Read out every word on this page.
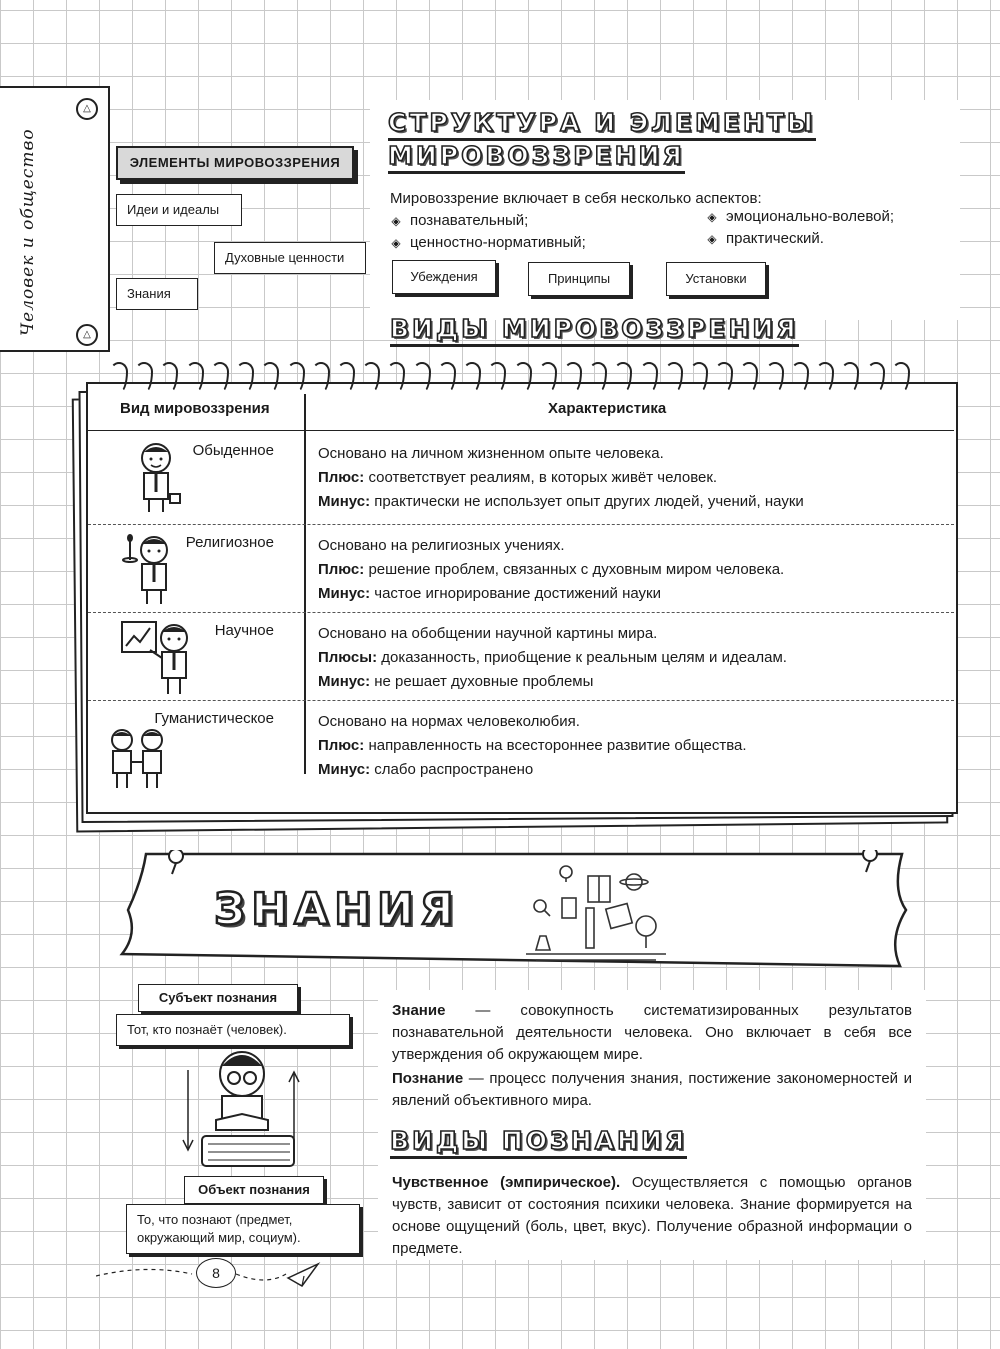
△
Человек и общество	△
ЭЛЕМЕНТЫ МИРОВОЗЗРЕНИЯ
Идеи и идеалы
Духовные ценности
Знания
СТРУКТУРА И ЭЛЕМЕНТЫ
МИРОВОЗЗРЕНИЯ
Мировоззрение включает в себя несколько аспектов:
◈ познавательный;
◈ ценностно-нормативный;
◈ эмоционально-волевой;
◈ практический.
Убеждения	Принципы	Установки
ВИДЫ МИРОВОЗЗРЕНИЯ
Вид мировоззрения	Характеристика
Обыденное	Основано на личном жизненном опыте человека.
Плюс: соответствует реалиям, в которых живёт человек.
Минус: практически не использует опыт других людей, учений, науки
Религиозное	Основано на религиозных учениях.
Плюс: решение проблем, связанных с духовным миром человека.
Минус: частое игнорирование достижений науки
Научное	Основано на обобщении научной картины мира.
Плюсы: доказанность, приобщение к реальным целям и идеалам.
Минус: не решает духовные проблемы
Гуманистическое	Основано на нормах человеколюбия.
Плюс: направленность на всестороннее развитие общества.
Минус: слабо распространено
ЗНАНИЯ
Субъект познания
Тот, кто познаёт (человек).
Объект познания
То, что познают (предмет, окружающий мир, социум).
8
Знание — совокупность систематизированных результатов познавательной деятельности человека. Оно включает в себя все утверждения об окружающем мире.
Познание — процесс получения знания, постижение закономерностей и явлений объективного мира.
ВИДЫ ПОЗНАНИЯ
Чувственное (эмпирическое). Осуществляется с помощью органов чувств, зависит от состояния психики человека. Знание формируется на основе ощущений (боль, цвет, вкус). Получение образной информации о предмете.
